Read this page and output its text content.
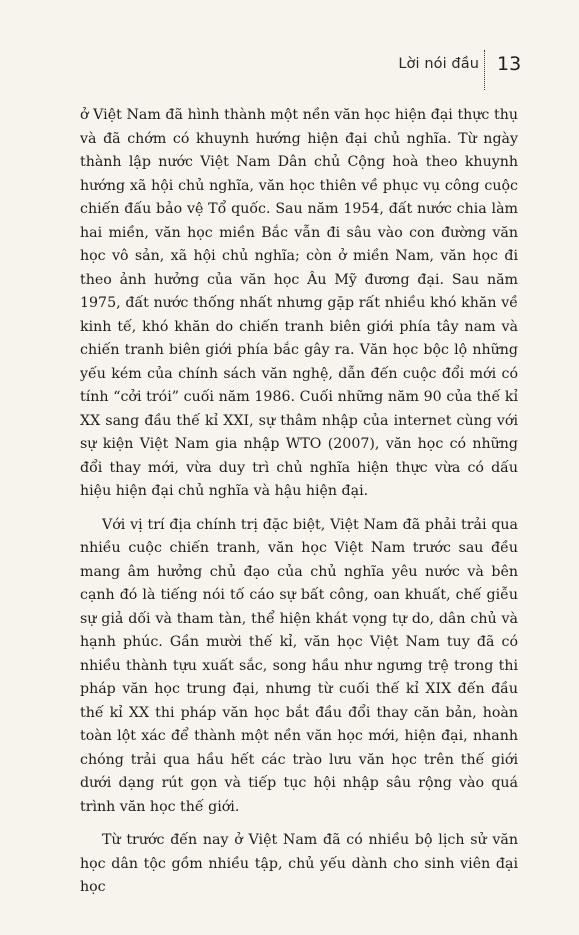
Lời nói đầu 13

ở Việt Nam đã hình thành một nền văn học hiện đại thực thụ và đã chớm có khuynh hướng hiện đại chủ nghĩa. Từ ngày thành lập nước Việt Nam Dân chủ Cộng hoà theo khuynh hướng xã hội chủ nghĩa, văn học thiên về phục vụ công cuộc chiến đấu bảo vệ Tổ quốc. Sau năm 1954, đất nước chia làm hai miền, văn học miền Bắc vẫn đi sâu vào con đường văn học vô sản, xã hội chủ nghĩa; còn ở miền Nam, văn học đi theo ảnh hưởng của văn học Âu Mỹ đương đại. Sau năm 1975, đất nước thống nhất nhưng gặp rất nhiều khó khăn về kinh tế, khó khăn do chiến tranh biên giới phía tây nam và chiến tranh biên giới phía bắc gây ra. Văn học bộc lộ những yếu kém của chính sách văn nghệ, dẫn đến cuộc đổi mới có tính “cởi trói” cuối năm 1986. Cuối những năm 90 của thế kỉ XX sang đầu thế kỉ XXI, sự thâm nhập của internet cùng với sự kiện Việt Nam gia nhập WTO (2007), văn học có những đổi thay mới, vừa duy trì chủ nghĩa hiện thực vừa có dấu hiệu hiện đại chủ nghĩa và hậu hiện đại.

Với vị trí địa chính trị đặc biệt, Việt Nam đã phải trải qua nhiều cuộc chiến tranh, văn học Việt Nam trước sau đều mang âm hưởng chủ đạo của chủ nghĩa yêu nước và bên cạnh đó là tiếng nói tố cáo sự bất công, oan khuất, chế giễu sự giả dối và tham tàn, thể hiện khát vọng tự do, dân chủ và hạnh phúc. Gần mười thế kỉ, văn học Việt Nam tuy đã có nhiều thành tựu xuất sắc, song hầu như ngưng trệ trong thi pháp văn học trung đại, nhưng từ cuối thế kỉ XIX đến đầu thế kỉ XX thi pháp văn học bắt đầu đổi thay căn bản, hoàn toàn lột xác để thành một nền văn học mới, hiện đại, nhanh chóng trải qua hầu hết các trào lưu văn học trên thế giới dưới dạng rút gọn và tiếp tục hội nhập sâu rộng vào quá trình văn học thế giới.

Từ trước đến nay ở Việt Nam đã có nhiều bộ lịch sử văn học dân tộc gồm nhiều tập, chủ yếu dành cho sinh viên đại học
